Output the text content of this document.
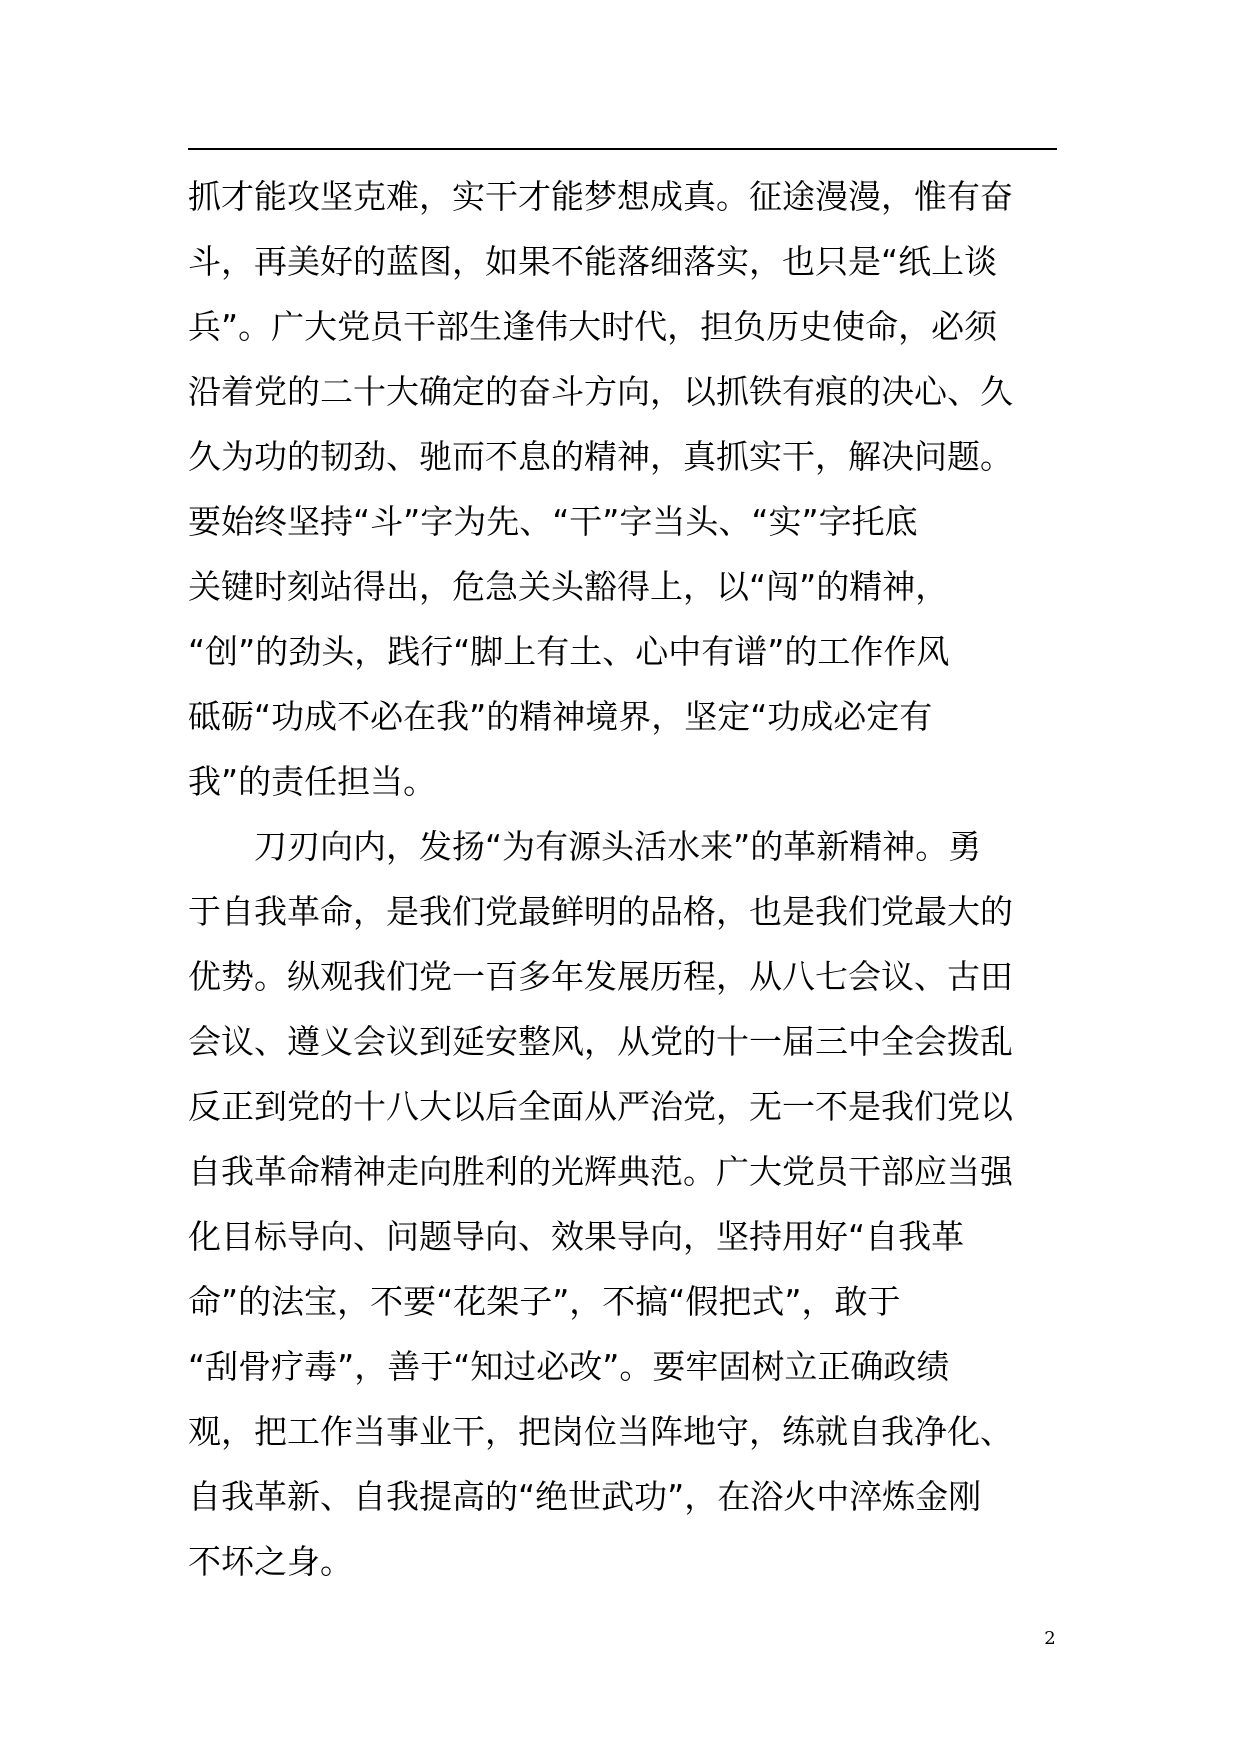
抓才能攻坚克难，实干才能梦想成真。征途漫漫，惟有奋
斗，再美好的蓝图，如果不能落细落实，也只是“纸上谈
兵”。广大党员干部生逢伟大时代，担负历史使命，必须
沿着党的二十大确定的奋斗方向，以抓铁有痕的决心、久
久为功的韧劲、驰而不息的精神，真抓实干，解决问题。
要始终坚持“斗”字为先、“干”字当头、“实”字托底
关键时刻站得出，危急关头豁得上，以“闯”的精神，
“创”的劲头，践行“脚上有土、心中有谱”的工作作风
砥砺“功成不必在我”的精神境界，坚定“功成必定有
我”的责任担当。
刀刃向内，发扬“为有源头活水来”的革新精神。勇
于自我革命，是我们党最鲜明的品格，也是我们党最大的
优势。纵观我们党一百多年发展历程，从八七会议、古田
会议、遵义会议到延安整风，从党的十一届三中全会拨乱
反正到党的十八大以后全面从严治党，无一不是我们党以
自我革命精神走向胜利的光辉典范。广大党员干部应当强
化目标导向、问题导向、效果导向，坚持用好“自我革
命”的法宝，不要“花架子”，不搞“假把式”，敢于
“刮骨疗毒”，善于“知过必改”。要牢固树立正确政绩
观，把工作当事业干，把岗位当阵地守，练就自我净化、
自我革新、自我提高的“绝世武功”，在浴火中淬炼金刚
不坏之身。
2
